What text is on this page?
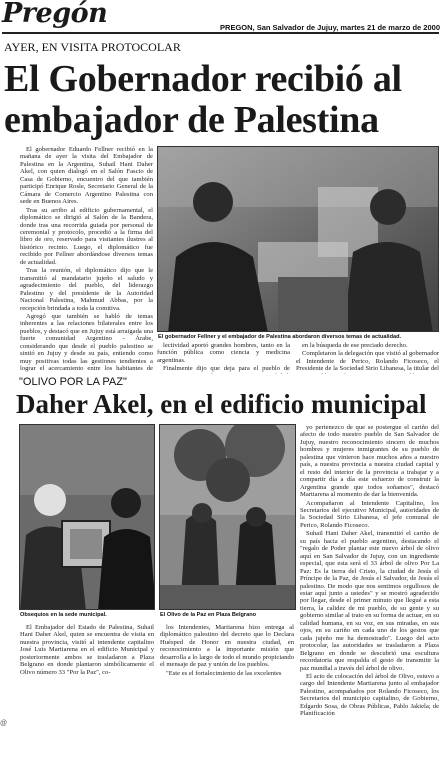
Pregón	PREGON, San Salvador de Jujuy, martes 21 de marzo de 2000
AYER, EN VISITA PROTOCOLAR
El Gobernador recibió al
embajador de Palestina

El gobernador Eduardo Fellner recibió en la mañana de ayer la visita del Embajador de Palestina en la Argentina, Suhail Hani Daher Akel, con quien dialogó en el Salón Fascio de Casa de Gobierno, encuentro del que también participó Enrique Rosle, Secretario General de la Cámara de Comercio Argentino Palestina con sede en Buenos Aires.

Tras su arribo al edificio gubernamental, el diplomático se dirigió al Salón de la Bandera, donde tras una recorrida guiada por personal de ceremonial y protocolo, procedió a la firma del libro de oro, reservado para visitantes ilustres al histórico recinto. Luego, el diplomático fue recibido por Fellner abordándose diversos temas de actualidad.

Tras la reunión, el diplomático dijo que le transmitió al mandatario jujeño el saludo y agradecimiento del pueblo, del liderazgo Palestino y del presidente de la Autoridad Nacional Palestina, Mahmud Abbas, por la recepción brindada a toda la comitiva.

Agregó que también se habló de temas inherentes a las relaciones bilaterales entre los pueblos, y destacó que en Jujuy está arraigada una fuerte comunidad Argentino - Árabe, considerando que desde el pueblo palestino se sintió en Jujuy y desde su país, entiendo como muy positivas todas las gestiones tendientes a lograr el acercamiento entre los habitantes de

El gobernador Fellner y el embajador de Palestina abordaron diversos temas de actualidad.

lectividad aportó grandes hombres, tanto en la función pública como ciencia y medicina argentinas.

Finalmente dijo que deja para el pueblo de

en la búsqueda de ese preciado derecho.

Completaron la delegación que visitó al gobernador el Intendente de Perico, Rolando Ficoseco, el Presidente de la Sociedad Sirio Libanesa, la titular del

"OLIVO POR LA PAZ"
Daher Akel, en el edificio municipal
Obsequios en la sede municipal.	El Olivo de la Paz en Plaza Belgrano

El Embajador del Estado de Palestina, Suhail Hani Daher Akel, quien se encuentra de visita en nuestra provincia, visitó al intendente capitalino José Luis Martiarena en el edificio Municipal y posteriormente ambos se trasladaron a Plaza Belgrano en donde plantaron simbólicamente el Olivo número 33 "Por la Paz", co-

los Intendentes, Martiarena hizo entrega al diplomático palestino del decreto que lo Declara Huésped de Honor en nuestra ciudad, en reconocimiento a la importante misión que desarrolla a lo largo de todo el mundo propiciando el mensaje de paz y unión de los pueblos.

"Este es el fortalecimiento de las excelentes

yo pertenezco de que se postergue el cariño del afecto de todo nuestro pueblo de San Salvador de Jujuy, nuestro reconocimiento sincero de muchos hombres y mujeres inmigrantes de su pueblo de palestina que vinieron hace muchos años a nuestro país, a nuestra provincia a nuestra ciudad capital y el resto del interior de la provincia a trabajar y a compartir día a día este esfuerzo de construir la Argentina grande que todos soñamos", destacó Martiarena al momento de dar la bienvenida.

Acompañaron al Intendente Capitalino, los Secretarios del ejecutivo Municipal, autoridades de la Sociedad Sirio Libanesa, el jefe comunal de Perico, Rolando Ficoseco.

Suhail Hani Daher Akel, transmitió el cariño de su país hacia el pueblo argentino, destacando el "regalo de Poder plantar este nuevo árbol de olivo aquí en San Salvador de Jujuy, con un ingrediente especial, que esta será el 33 árbol de olivo Por La Paz: Es la tierra del Cristo, la ciudad de Jesús el Príncipe de la Paz, de Jesús el Salvador, de Jesús el palestino. De modo que nos sentimos orgullosos de estar aquí junto a ustedes" y se mostró agradecido por llegar, desde el primer minuto que llegué a esta tierra, la calidez de mi pueblo, de su gente y su gobierno similar al trato en su forma de actuar, en su calidad humana, en su voz, en sus miradas, en sus ojos, en su cariño en cada uno de los gestos que cada jujeño me ha demostrado". Luego del acto protocolar, las autoridades se trasladaron a Plaza Belgrano en donde se descubrió una escultura recordatoria que respalda el gesto de transmitir la paz mundial a través del árbol de olivo.

El acto de colocación del árbol de Olivo, estuvo a cargo del Intendente Martiarena junto al embajador Palestino, acompañados por Rolando Ficoseco, los Secretarios del municipio capitalino, de Gobierno, Edgardo Sosa, de Obras Públicas, Pablo Jakiela; de Planificación

@
